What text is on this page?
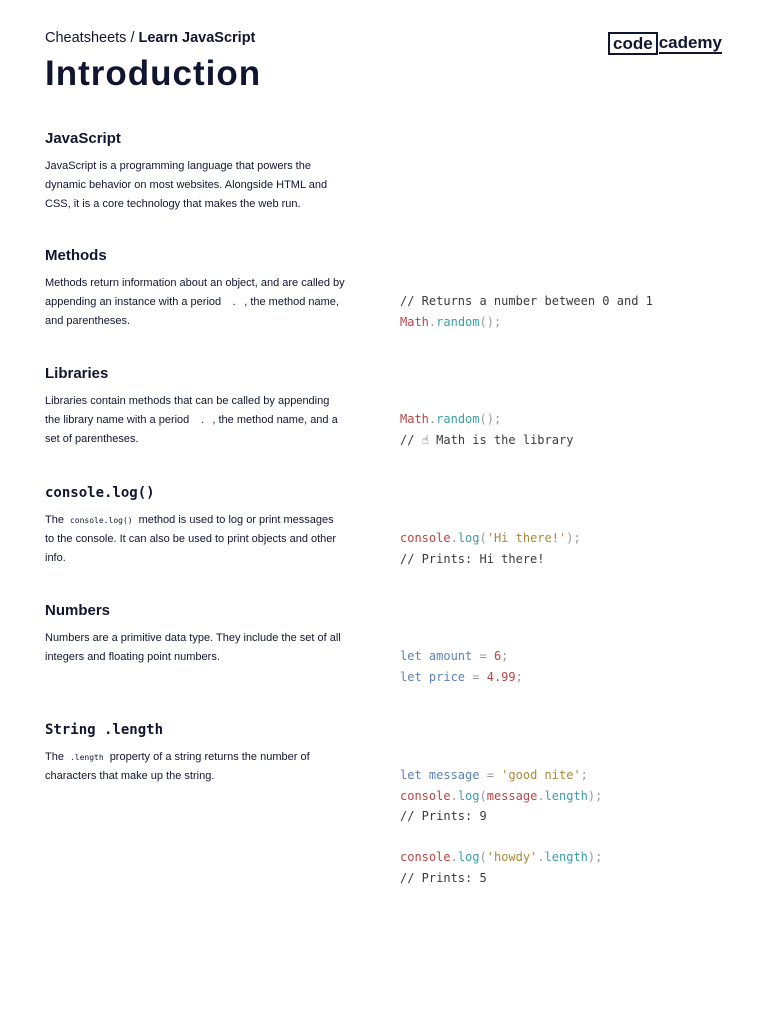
Cheatsheets / Learn JavaScript	code cademy
Introduction
JavaScript

JavaScript is a programming language that powers the dynamic behavior on most websites. Alongside HTML and CSS, it is a core technology that makes the web run.

Methods

Methods return information about an object, and are called by appending an instance with a period . , the method name, and parentheses.

// Returns a number between 0 and 1
Math.random();
Libraries

Libraries contain methods that can be called by appending the library name with a period . , the method name, and a set of parentheses.

Math.random();
// ☝ Math is the library
console.log()

The console.log() method is used to log or print messages to the console. It can also be used to print objects and other info.

console.log('Hi there!');
// Prints: Hi there!
Numbers

Numbers are a primitive data type. They include the set of all integers and floating point numbers.	let amount = 6;
let price = 4.99;
String .length

The .length property of a string returns the number of characters that make up the string.	let message = 'good nite';
console.log(message.length);
// Prints: 9

console.log('howdy'.length);
// Prints: 5
